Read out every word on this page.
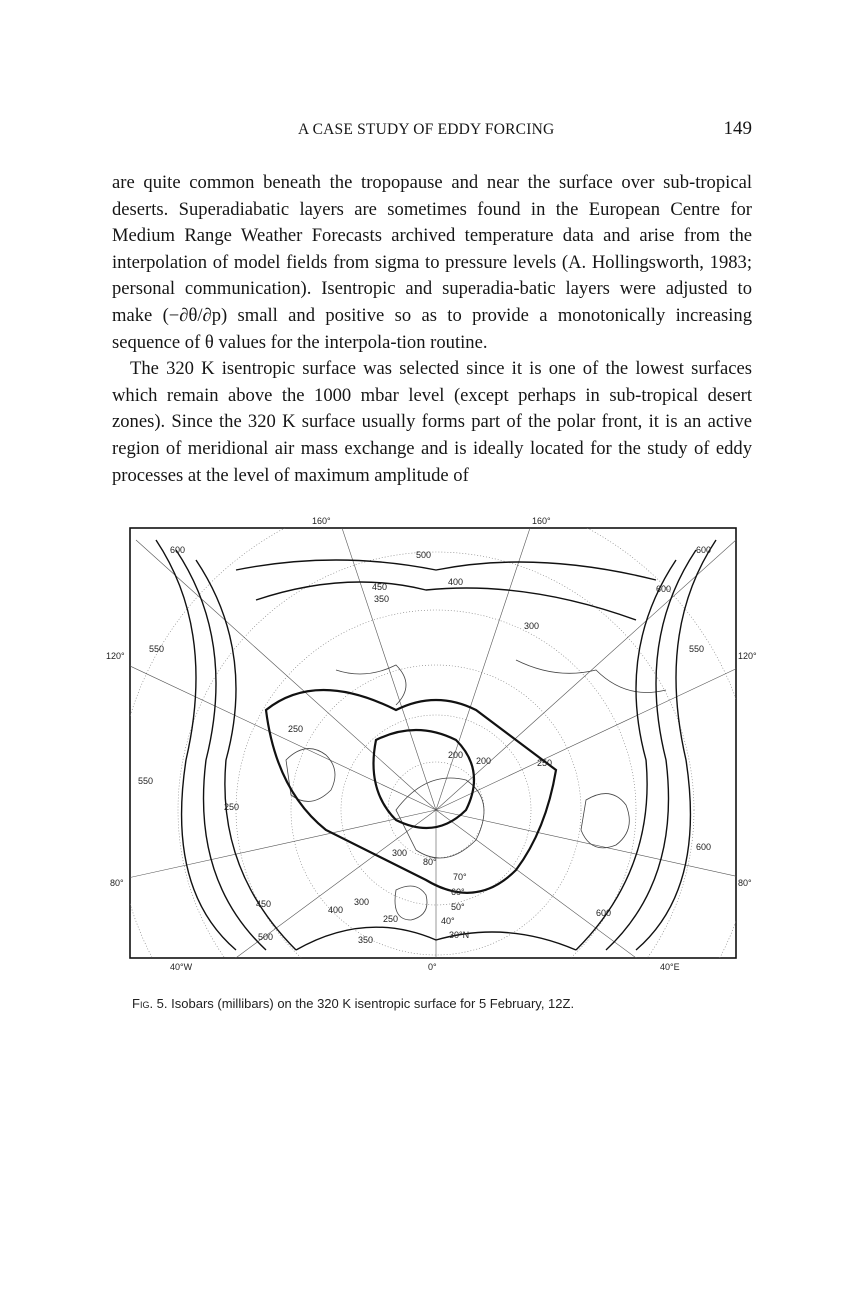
A CASE STUDY OF EDDY FORCING	149

are quite common beneath the tropopause and near the surface over sub-tropical deserts. Superadiabatic layers are sometimes found in the European Centre for Medium Range Weather Forecasts archived temperature data and arise from the interpolation of model fields from sigma to pressure levels (A. Hollingsworth, 1983; personal communication). Isentropic and superadia-batic layers were adjusted to make (−∂θ/∂p) small and positive so as to provide a monotonically increasing sequence of θ values for the interpola-tion routine.

The 320 K isentropic surface was selected since it is one of the lowest surfaces which remain above the 1000 mbar level (except perhaps in sub-tropical desert zones). Since the 320 K surface usually forms part of the polar front, it is an active region of meridional air mass exchange and is ideally located for the study of eddy processes at the level of maximum amplitude of

600	600
600
600
600
500
500
450
450
400
400
350
350
300
300
300
550	550
550
250
250
250
250
200
200
80°
70°
60°
50°
40°
30°N
160°	160°
120°	120°
80°	80°
40°W	0°	40°E
Fig. 5. Isobars (millibars) on the 320 K isentropic surface for 5 February, 12Z.
